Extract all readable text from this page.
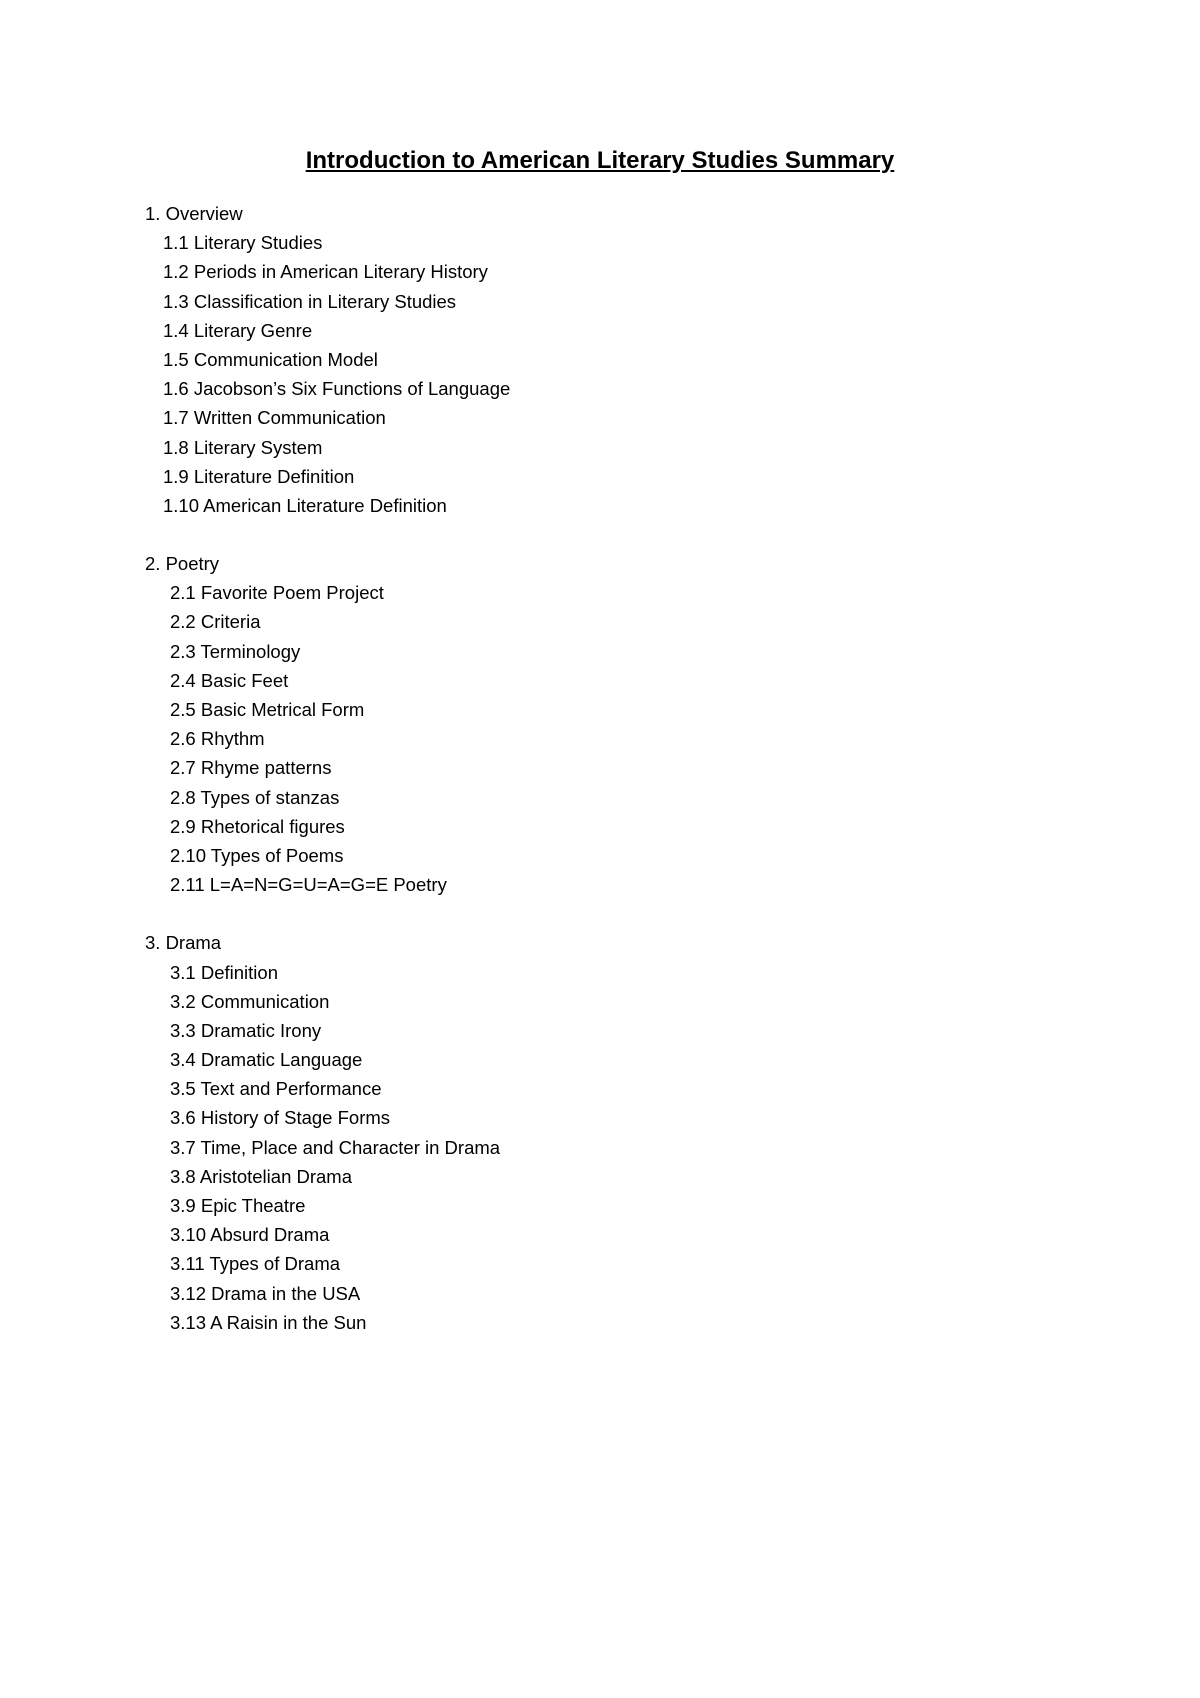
Introduction to American Literary Studies Summary
1. Overview
1.1 Literary Studies
1.2 Periods in American Literary History
1.3 Classification in Literary Studies
1.4 Literary Genre
1.5 Communication Model
1.6 Jacobson’s Six Functions of Language
1.7 Written Communication
1.8 Literary System
1.9 Literature Definition
1.10 American Literature Definition
2. Poetry
2.1 Favorite Poem Project
2.2 Criteria
2.3 Terminology
2.4 Basic Feet
2.5 Basic Metrical Form
2.6 Rhythm
2.7 Rhyme patterns
2.8 Types of stanzas
2.9 Rhetorical figures
2.10 Types of Poems
2.11 L=A=N=G=U=A=G=E Poetry
3. Drama
3.1 Definition
3.2 Communication
3.3 Dramatic Irony
3.4 Dramatic Language
3.5 Text and Performance
3.6 History of Stage Forms
3.7 Time, Place and Character in Drama
3.8 Aristotelian Drama
3.9 Epic Theatre
3.10 Absurd Drama
3.11 Types of Drama
3.12 Drama in the USA
3.13 A Raisin in the Sun
